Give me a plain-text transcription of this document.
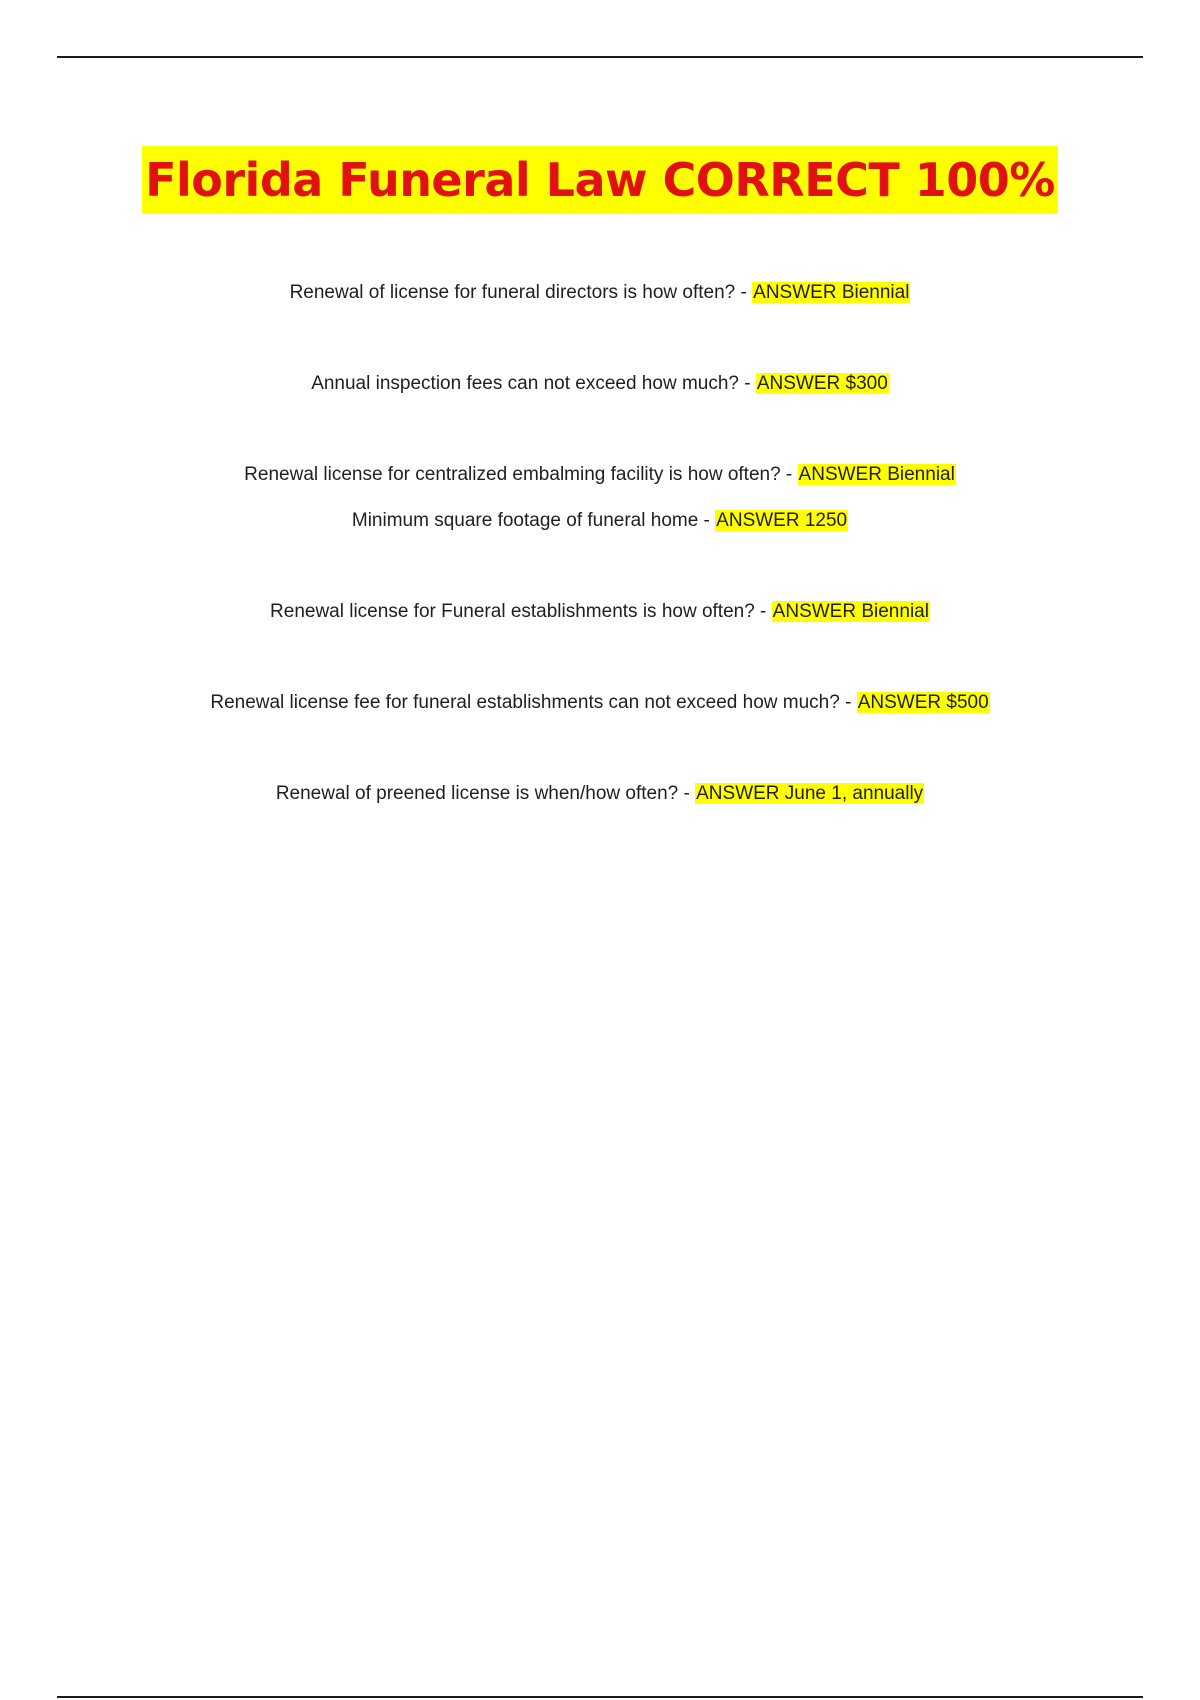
Florida Funeral Law CORRECT 100%
Renewal of license for funeral directors is how often? - ANSWER Biennial
Annual inspection fees can not exceed how much? - ANSWER $300
Renewal license for centralized embalming facility is how often? - ANSWER Biennial
Minimum square footage of funeral home - ANSWER 1250
Renewal license for Funeral establishments is how often? - ANSWER Biennial
Renewal license fee for funeral establishments can not exceed how much? - ANSWER $500
Renewal of preened license is when/how often? - ANSWER June 1, annually
